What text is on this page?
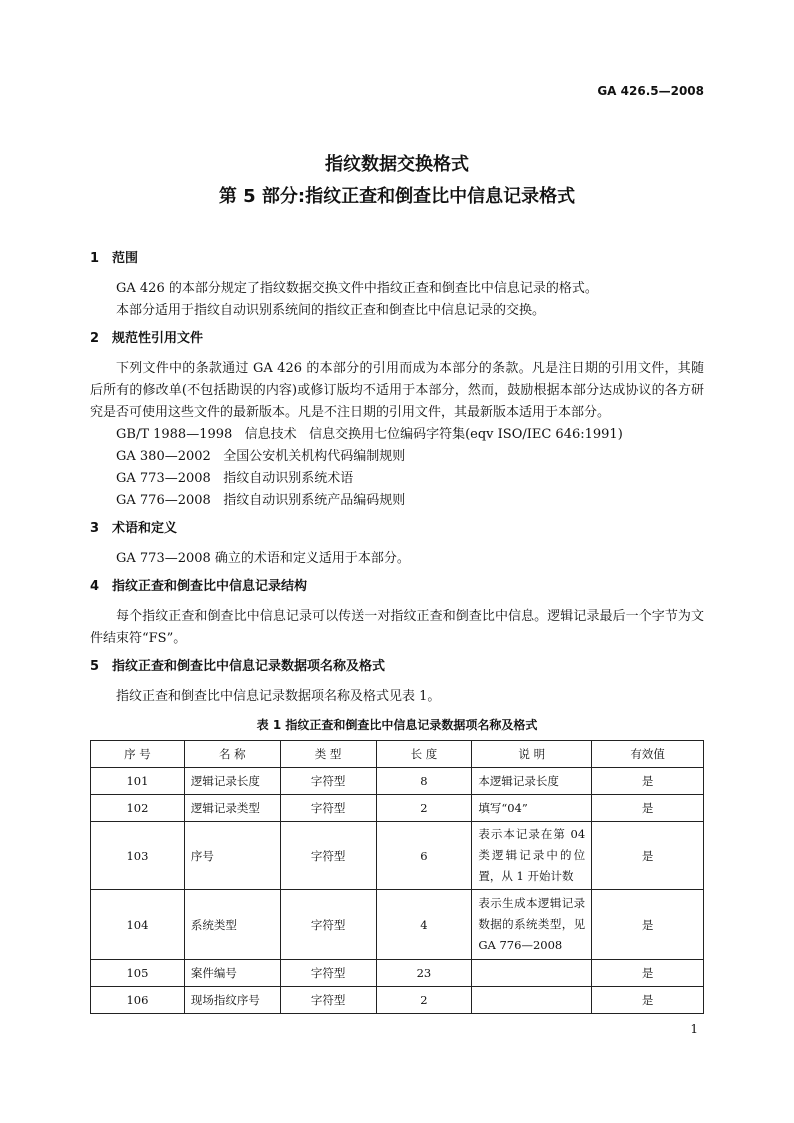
GA 426.5—2008
指纹数据交换格式
第 5 部分:指纹正查和倒查比中信息记录格式
1 范围

GA 426 的本部分规定了指纹数据交换文件中指纹正查和倒查比中信息记录的格式。

本部分适用于指纹自动识别系统间的指纹正查和倒查比中信息记录的交换。

2 规范性引用文件

下列文件中的条款通过 GA 426 的本部分的引用而成为本部分的条款。凡是注日期的引用文件，其随后所有的修改单(不包括勘误的内容)或修订版均不适用于本部分，然而，鼓励根据本部分达成协议的各方研究是否可使用这些文件的最新版本。凡是不注日期的引用文件，其最新版本适用于本部分。

GB/T 1988—1998   信息技术   信息交换用七位编码字符集(eqv ISO/IEC 646:1991)

GA 380—2002   全国公安机关机构代码编制规则

GA 773—2008   指纹自动识别系统术语

GA 776—2008   指纹自动识别系统产品编码规则

3 术语和定义

GA 773—2008 确立的术语和定义适用于本部分。

4 指纹正查和倒查比中信息记录结构

每个指纹正查和倒查比中信息记录可以传送一对指纹正查和倒查比中信息。逻辑记录最后一个字节为文件结束符“FS”。

5 指纹正查和倒查比中信息记录数据项名称及格式

指纹正查和倒查比中信息记录数据项名称及格式见表 1。

表 1 指纹正查和倒查比中信息记录数据项名称及格式
序 号	名 称	类 型	长 度	说 明	有效值
101	逻辑记录长度	字符型	8	本逻辑记录长度	是
102	逻辑记录类型	字符型	2	填写“04”	是
103	序号	字符型	6	表示本记录在第 04 类逻辑记录中的位置，从 1 开始计数	是
104	系统类型	字符型	4	表示生成本逻辑记录数据的系统类型，见 GA 776—2008	是
105	案件编号	字符型	23		是
106	现场指纹序号	字符型	2		是
1
